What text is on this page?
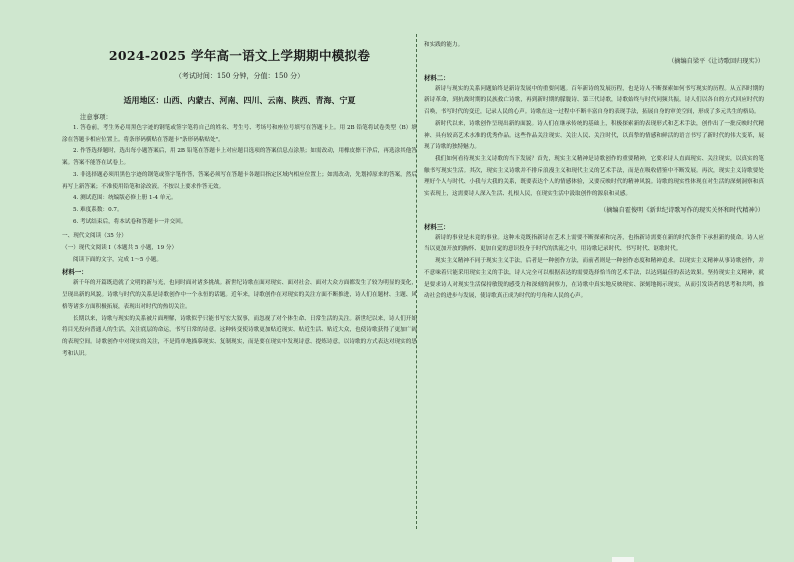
2024-2025 学年高一语文上学期期中模拟卷
（考试时间：150 分钟，分值：150 分）
适用地区：山西、内蒙古、河南、四川、云南、陕西、青海、宁夏
注意事项：

1. 答卷前，考生务必用黑色字迹的钢笔或签字笔将自己的姓名、考生号、考场号和座位号填写在答题卡上。用 2B 铅笔将试卷类型（B）填涂在答题卡相应位置上。将条形码横贴在答题卡"条形码粘贴处"。

2. 作答选择题时，选出每小题答案后，用 2B 铅笔在答题卡上对应题目选项的答案信息点涂黑；如需改动，用橡皮擦干净后，再选涂其他答案。答案不能答在试卷上。

3. 非选择题必须用黑色字迹的钢笔或签字笔作答，答案必须写在答题卡各题目指定区域内相应位置上；如需改动，先划掉原来的答案，然后再写上新答案；不准使用铅笔和涂改液。不按以上要求作答无效。

4. 测试范围：统编版必修上册 1-4 单元。

5. 难度系数：0.7。

6. 考试结束后，将本试卷和答题卡一并交回。

一、现代文阅读（35 分）

（一）现代文阅读 I（本题共 5 小题，19 分）

阅读下面的文字，完成 1～5 小题。

材料一：

新千年的开篇既造就了文明的新与光，也同时面对诸多挑战。新世纪诗歌在面对现实、面对社会、面对大众方面都发生了较为明显的变化，呈现出新的风貌。诗歌与时代的关系是诗歌创作中一个永恒的话题。近年来，诗歌创作在对现实的关注方面不断推进，诗人们在题材、主题、风格等诸多方面积极拓展，表现出对时代的热切关注。

长期以来，诗歌与现实的关系被片面理解，诗歌似乎只能书写宏大叙事，而忽视了对个体生命、日常生活的关注。新世纪以来，诗人们开始将目光投向普通人的生活，关注底层的命运，书写日常的诗意。这种转变使诗歌更加贴近现实、贴近生活、贴近大众，也使诗歌获得了更加广阔的表现空间。诗歌创作中对现实的关注，不是简单地描摹现实、复制现实，而是要在现实中发现诗意、提炼诗意，以诗歌的方式表达对现实的思考和认识。

和实践的能力。

（摘编自梁平《让诗歌回归现实》）

材料二：

新诗与现实的关系问题始终是新诗发展中的重要问题。百年新诗的发展历程，也是诗人不断探索如何书写现实的历程。从五四时期的新诗革命，到抗战时期的民族救亡诗歌，再到新时期的朦胧诗、第三代诗歌，诗歌始终与时代同频共振。诗人们以各自的方式回应时代的召唤，书写时代的变迁，记录人民的心声。诗歌在这一过程中不断丰富自身的表现手法，拓展自身的审美空间，形成了多元共生的格局。

新时代以来，诗歌创作呈现出新的面貌。诗人们在继承传统的基础上，积极探索新的表现形式和艺术手法，创作出了一批反映时代精神、具有较高艺术水准的优秀作品。这些作品关注现实、关注人民、关注时代，以真挚的情感和鲜活的语言书写了新时代的伟大变革，展现了诗歌的独特魅力。

我们如何看待现实主义诗歌的当下发展？首先，现实主义精神是诗歌创作的重要精神，它要求诗人直面现实、关注现实，以真实的笔触书写现实生活。其次，现实主义诗歌并不排斥浪漫主义和现代主义的艺术手法，而是在吸收借鉴中不断发展。再次，现实主义诗歌要处理好个人与时代、小我与大我的关系，既要表达个人的情感体验，又要反映时代的精神风貌。诗歌的现实性体现在对生活的深刻洞察和真实表现上，这需要诗人深入生活、扎根人民，在现实生活中汲取创作的源泉和灵感。

（摘编自霍俊明《新世纪诗歌写作的现实关怀和时代精神》）

材料三：

新诗的事业是未竟的事业。这种未竟既指新诗在艺术上需要不断探索和完善，也指新诗需要在新的时代条件下承担新的使命。诗人应当以更加开放的胸怀、更加自觉的意识投身于时代的洪流之中，用诗歌记录时代、书写时代、讴歌时代。

现实主义精神不同于现实主义手法，后者是一种创作方法，而前者则是一种创作态度和精神追求。以现实主义精神从事诗歌创作，并不意味着只能采用现实主义的手法，诗人完全可以根据表达的需要选择恰当的艺术手法，以达到最佳的表达效果。坚持现实主义精神，就是要求诗人对现实生活保持敏锐的感受力和深刻的洞察力，在诗歌中真实地反映现实、深刻地揭示现实，从而引发读者的思考和共鸣，推动社会的进步与发展，使诗歌真正成为时代的号角和人民的心声。
